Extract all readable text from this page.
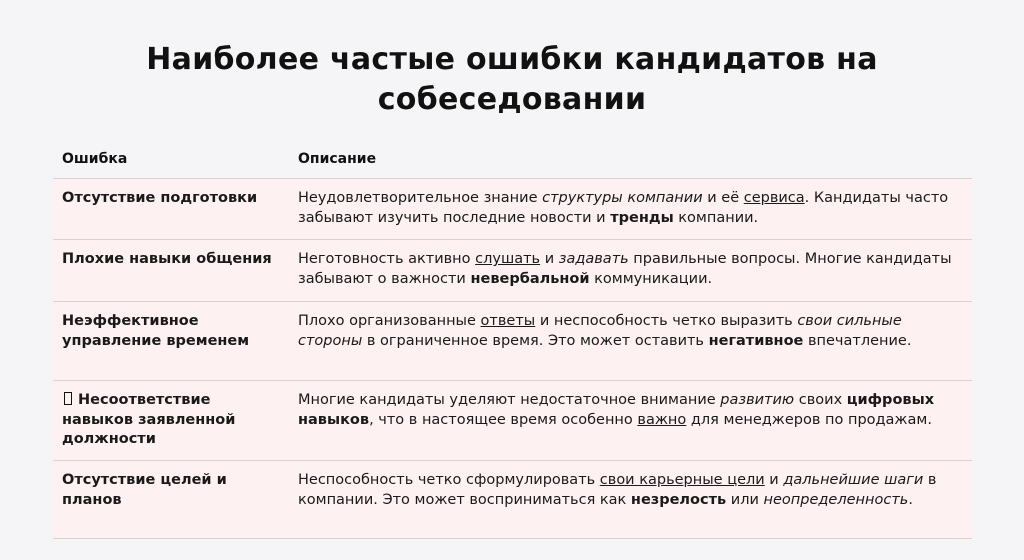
Наиболее частые ошибки кандидатов на
собеседовании
Ошибка	Описание
Отсутствие подготовки	Неудовлетворительное знание структуры компании и её сервиса. Кандидаты часто забывают изучить последние новости и тренды компании.
Плохие навыки общения	Неготовность активно слушать и задавать правильные вопросы. Многие кандидаты забывают о важности невербальной коммуникации.
Неэффективное управление временем	Плохо организованные ответы и неспособность четко выразить свои сильные стороны в ограниченное время. Это может оставить негативное впечатление.
Несоответствие навыков заявленной должности	Многие кандидаты уделяют недостаточное внимание развитию своих цифровых навыков, что в настоящее время особенно важно для менеджеров по продажам.
Отсутствие целей и планов	Неспособность четко сформулировать свои карьерные цели и дальнейшие шаги в компании. Это может восприниматься как незрелость или неопределенность.
